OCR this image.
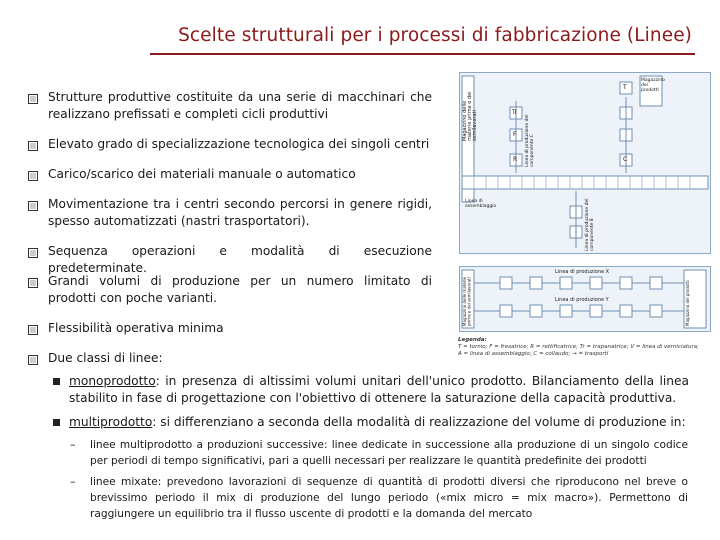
Scelte strutturali per i processi di fabbricazione (Linee)
Strutture produttive costituite da una serie di macchinari che realizzano prefissati e completi cicli produttivi
Elevato grado di specializzazione tecnologica dei singoli centri
Carico/scarico dei materiali manuale o automatico
Movimentazione tra i centri secondo percorsi in genere rigidi, spesso automatizzati (nastri trasportatori).
Sequenza operazioni e modalità di esecuzione predeterminate.
Grandi volumi di produzione per un numero limitato di prodotti con poche varianti.
Flessibilità operativa minima
Due classi di linee:
monoprodotto: in presenza di altissimi volumi unitari dell'unico prodotto. Bilanciamento della linea stabilito in fase di progettazione con l'obiettivo di ottenere la saturazione della capacità produttiva.
multiprodotto: si differenziano a seconda della modalità di realizzazione del volume di produzione in:
– linee multiprodotto a produzioni successive: linee dedicate in successione alla produzione di un singolo codice per periodi di tempo significativi, pari a quelli necessari per realizzare le quantità predefinite dei prodotti
– linee mixate: prevedono lavorazioni di sequenze di quantità di prodotti diversi che riproducono nel breve o brevissimo periodo il mix di produzione del lungo periodo («mix micro = mix macro»). Permettono di raggiungere un equilibrio tra il flusso uscente di prodotti e la domanda del mercato
T
Tr
F
R	C
Magazzino delle materie prime e dei semilavorati
Magazzino dei prodotti
Linea di produzione del componente C
Linea di assemblaggio	Linea di produzione del componente B
Linea di produzione X
Linea di produzione Y
Magazzino delle materie prime e dei semilavorati	Magazzino dei prodotti
Legenda:
T = tornio; F = fresatrice; R = rettificatrice; Tr = trapanatrice; V = linea di verniciatura;
A = linea di assemblaggio; C = collaudo; → = trasporti
